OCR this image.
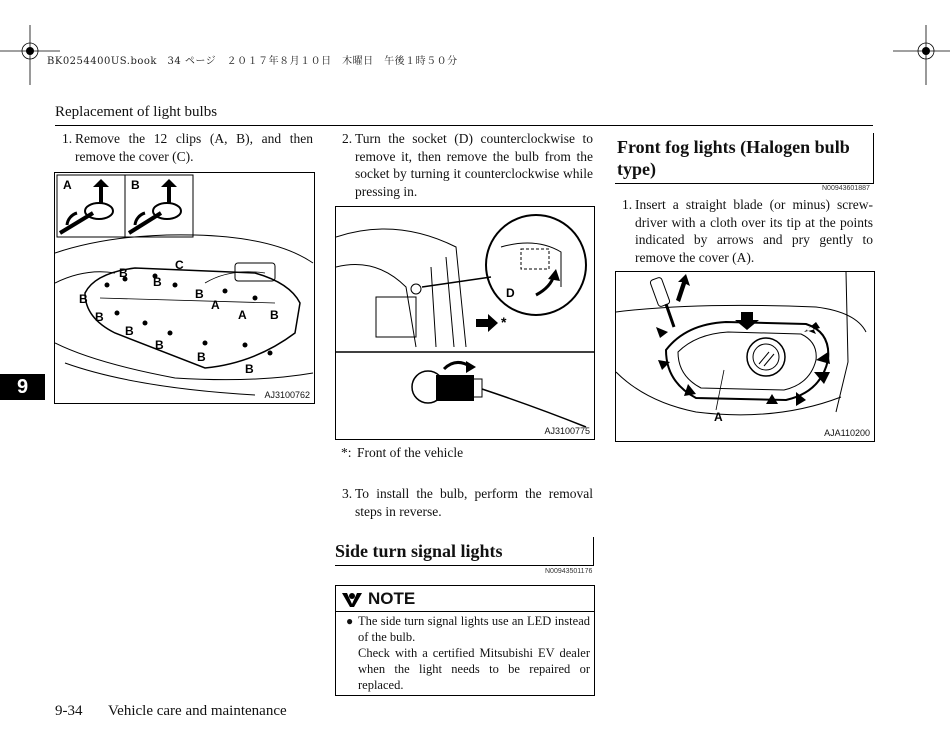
BK0254400US.book　34 ページ　２０１７年８月１０日　木曜日　午後１時５０分
Replacement of light bulbs
9
1. Remove the 12 clips (A, B), and then remove the cover (C).
A	B
C
B
B
B
B
B
B
B
B
B
B
A
A
AJ3100762
2. Turn the socket (D) counterclockwise to remove it, then remove the bulb from the socket by turning it counterclockwise while pressing in.
D
*
AJ3100775
*: Front of the vehicle
3. To install the bulb, perform the removal steps in reverse.
Side turn signal lights
N00943501176
NOTE
● The side turn signal lights use an LED instead of the bulb.
Check with a certified Mitsubishi EV dealer when the light needs to be repaired or replaced.
Front fog lights (Halogen bulb type)
N00943601887
1. Insert a straight blade (or minus) screw-driver with a cloth over its tip at the points indicated by arrows and pry gently to remove the cover (A).
A
AJA110200
9-34 Vehicle care and maintenance
